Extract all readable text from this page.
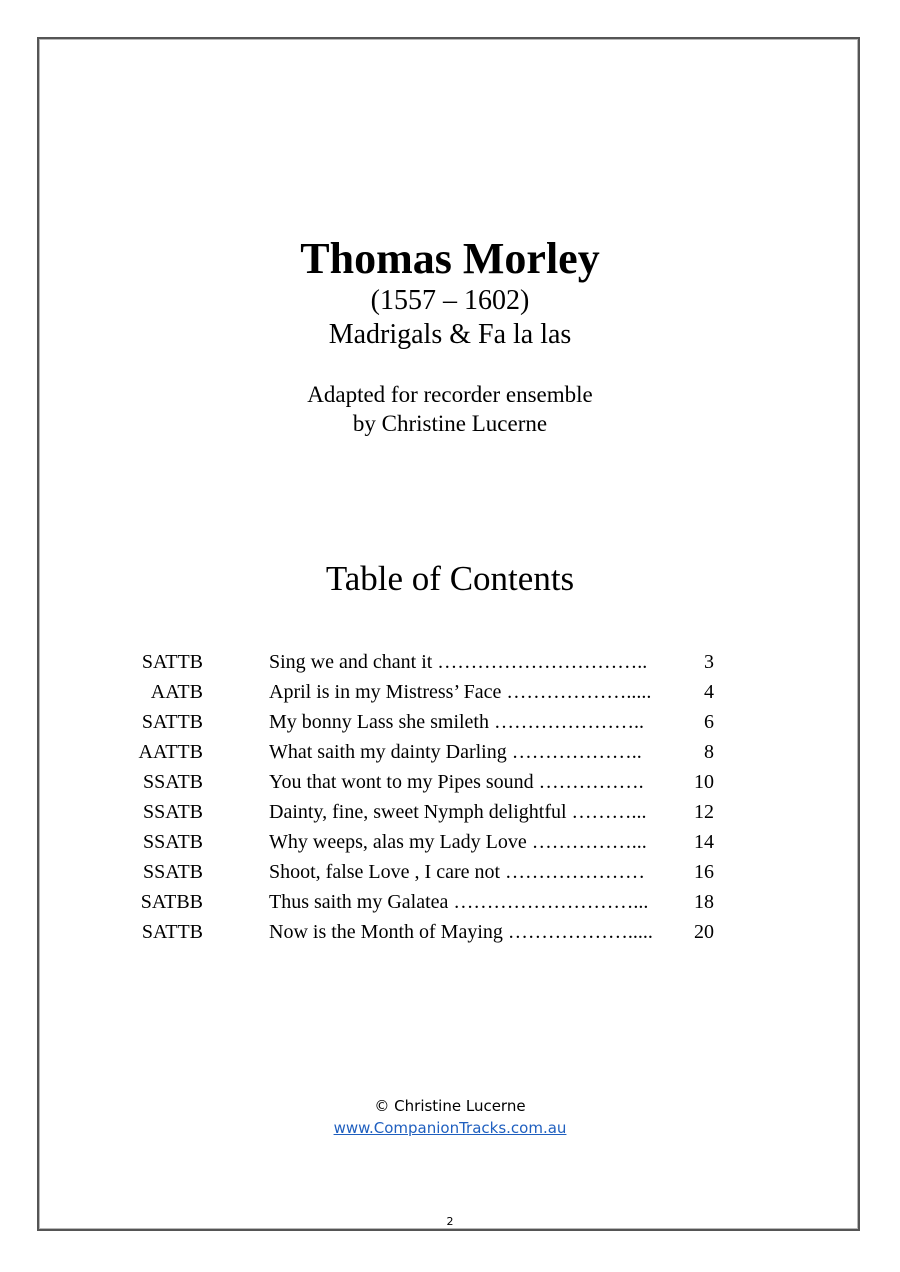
Thomas Morley
(1557 – 1602)
Madrigals & Fa la las
Adapted for recorder ensemble
by Christine Lucerne
Table of Contents
SATTB	Sing we and chant it …………………………..	3
AATB	April is in my Mistress’ Face ……………….....	4
SATTB	My bonny Lass she smileth …………………..	6
AATTB	What saith my dainty Darling ………………..	8
SSATB	You that wont to my Pipes sound …………….	10
SSATB	Dainty, fine, sweet Nymph delightful ………... 12
SSATB	Why weeps, alas my Lady Love ……………... 14
SSATB	Shoot, false Love , I care not ………………… 16
SATBB	Thus saith my Galatea ………………………... 18
SATTB	Now is the Month of Maying ………………..... 20
© Christine Lucerne
www.CompanionTracks.com.au
2
